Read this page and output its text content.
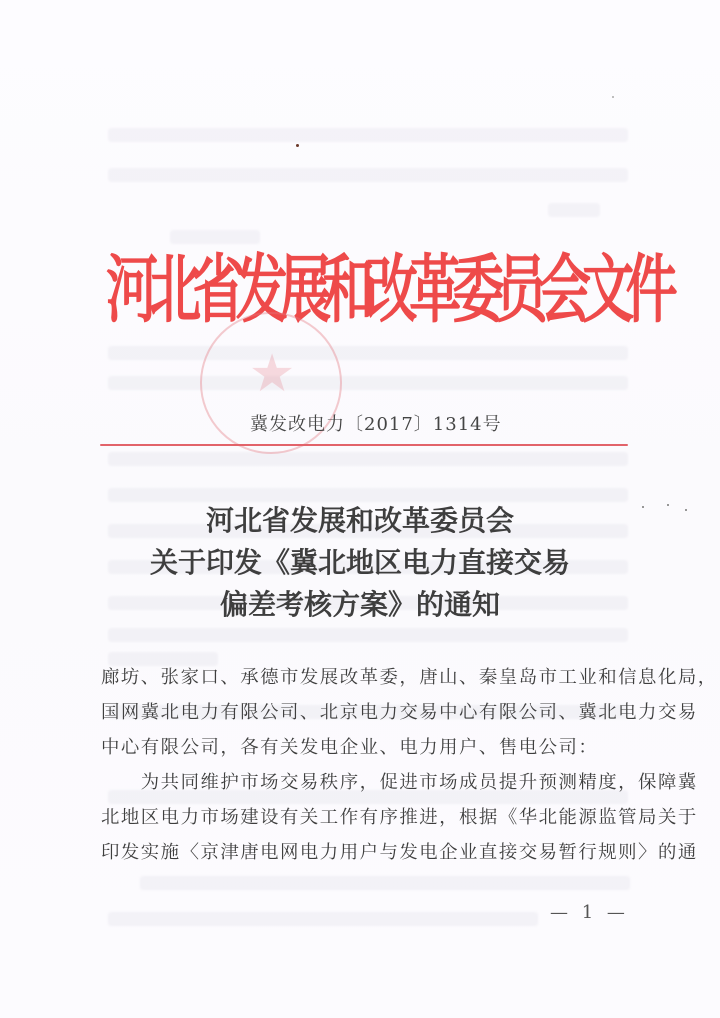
河
北
省
发
展
和
改
革
委
员
会
文
件
★
冀发改电力〔2017〕1314号
河北省发展和改革委员会
关于印发《冀北地区电力直接交易
偏差考核方案》的通知
廊坊、张家口、承德市发展改革委，唐山、秦皇岛市工业和信息化局，
国网冀北电力有限公司、北京电力交易中心有限公司、冀北电力交易
中心有限公司，各有关发电企业、电力用户、售电公司：
　　为共同维护市场交易秩序，促进市场成员提升预测精度，保障冀
北地区电力市场建设有关工作有序推进，根据《华北能源监管局关于
印发实施〈京津唐电网电力用户与发电企业直接交易暂行规则〉的通
— 1 —
